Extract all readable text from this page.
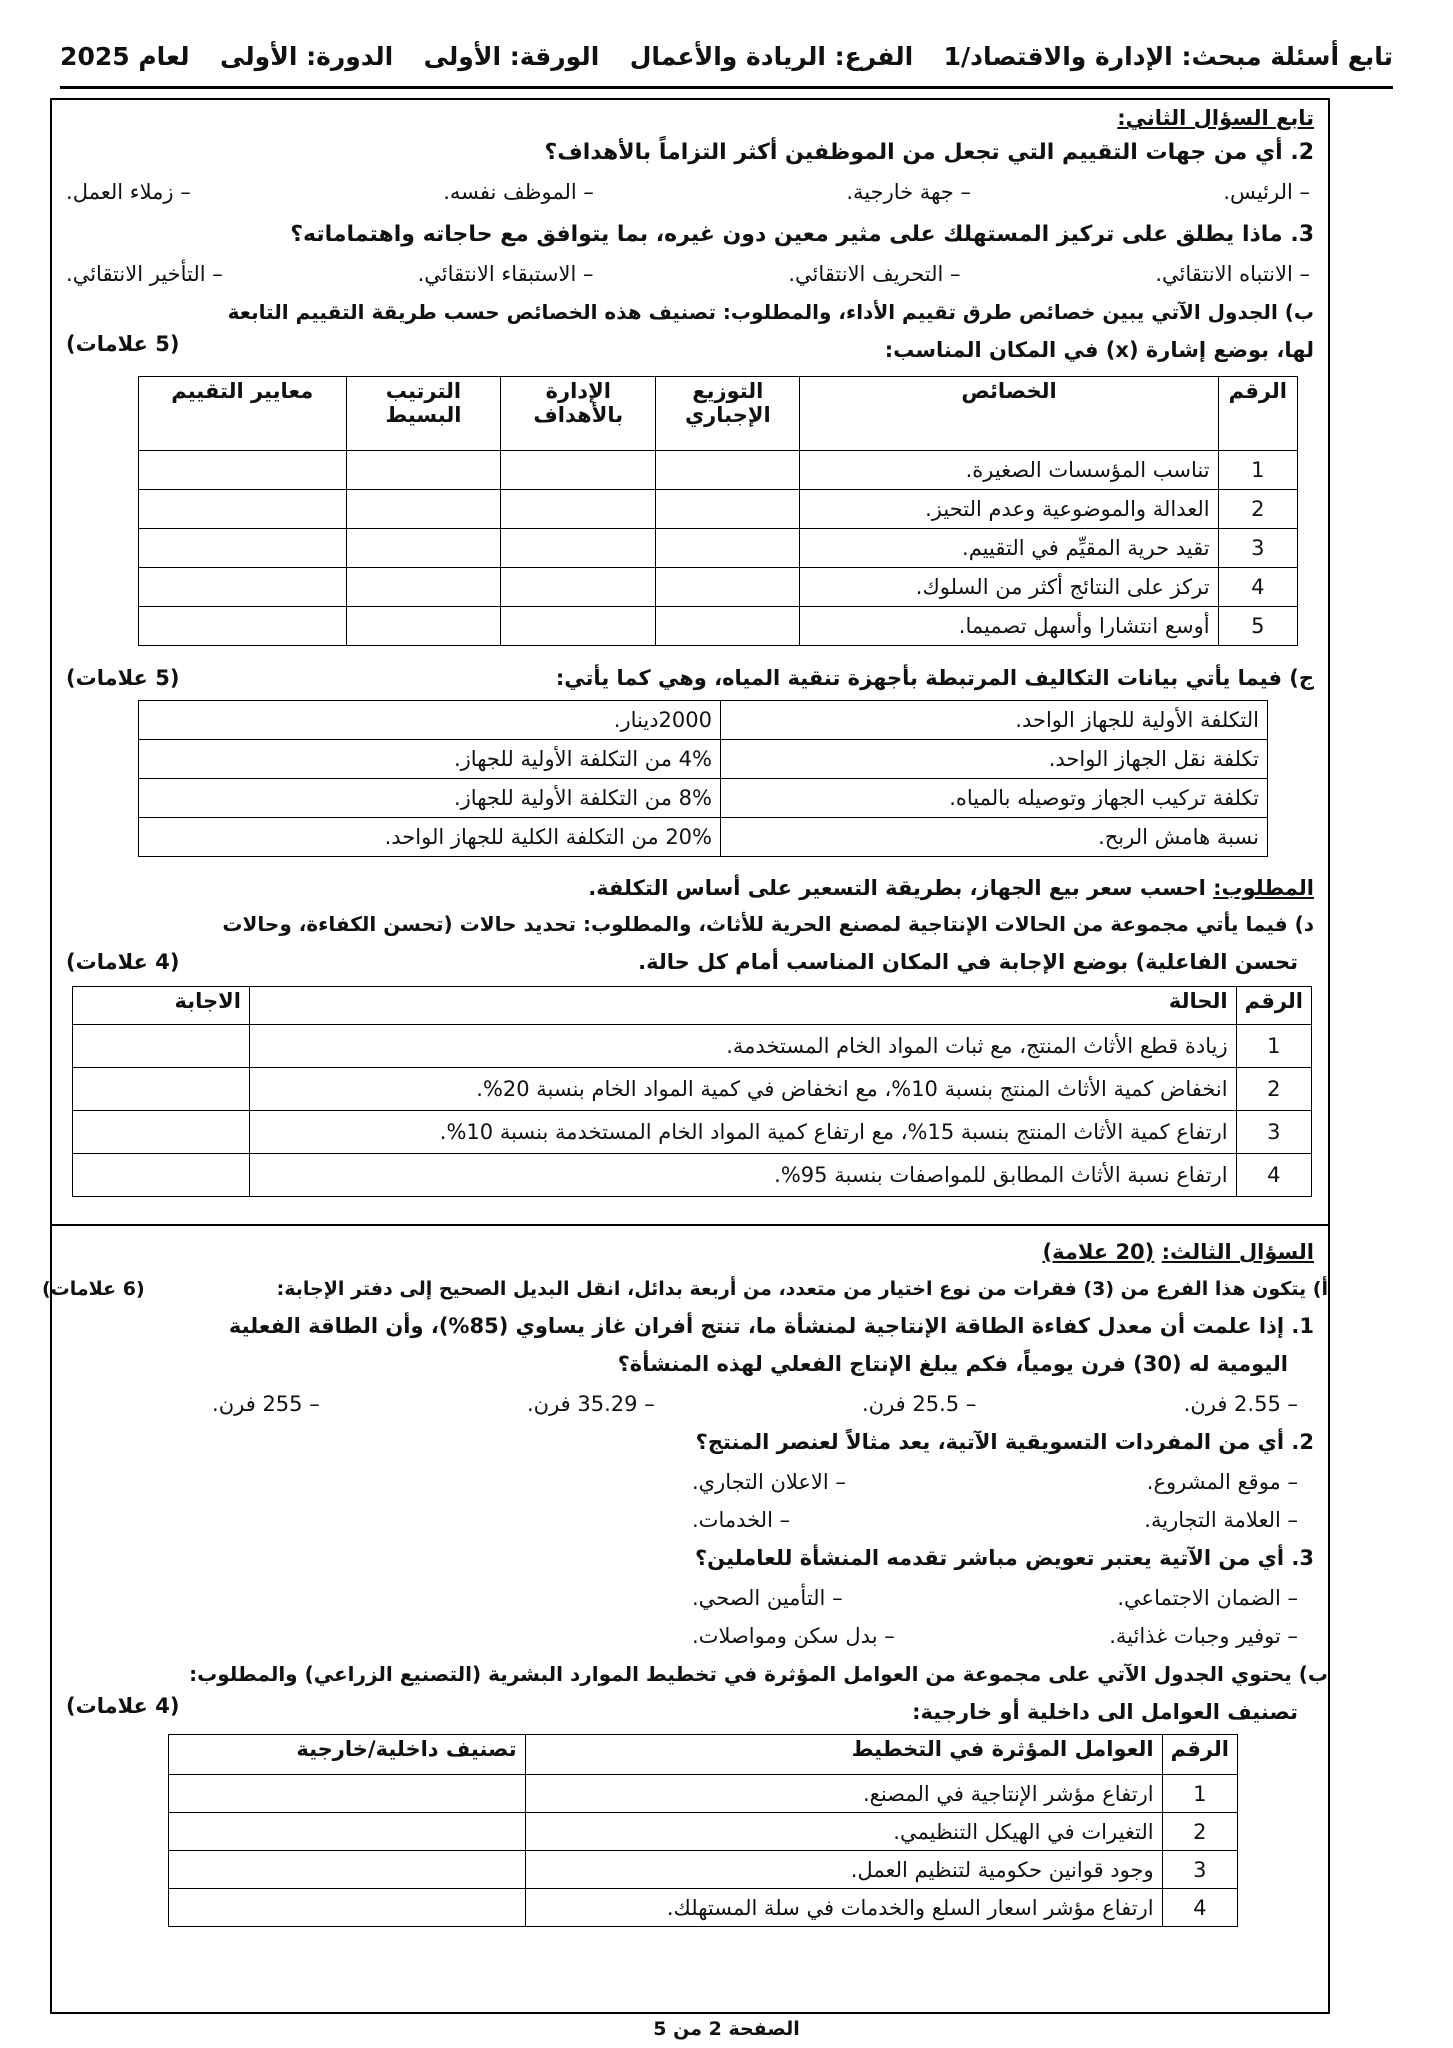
تابع أسئلة مبحث: الإدارة والاقتصاد/1
الفرع: الريادة والأعمال
الورقة: الأولى
الدورة: الأولى
لعام 2025
تابع السؤال الثاني:
2. أي من جهات التقييم التي تجعل من الموظفين أكثر التزاماً بالأهداف؟
– الرئيس.
– جهة خارجية.
– الموظف نفسه.
– زملاء العمل.
3. ماذا يطلق على تركيز المستهلك على مثير معين دون غيره، بما يتوافق مع حاجاته واهتماماته؟
– الانتباه الانتقائي.
– التحريف الانتقائي.
– الاستبقاء الانتقائي.
– التأخير الانتقائي.
ب) الجدول الآتي يبين خصائص طرق تقييم الأداء، والمطلوب: تصنيف هذه الخصائص حسب طريقة التقييم التابعة
لها، بوضع إشارة (x) في المكان المناسب:
(5 علامات)
الرقم	الخصائص	التوزيع الإجباري	الإدارة بالأهداف	الترتيب البسيط	معايير التقييم
1	تناسب المؤسسات الصغيرة.				
2	العدالة والموضوعية وعدم التحيز.				
3	تقيد حرية المقيِّم في التقييم.				
4	تركز على النتائج أكثر من السلوك.				
5	أوسع انتشارا وأسهل تصميما.				
ج) فيما يأتي بيانات التكاليف المرتبطة بأجهزة تنقية المياه، وهي كما يأتي:
(5 علامات)
التكلفة الأولية للجهاز الواحد.	2000دينار.
تكلفة نقل الجهاز الواحد.	4% من التكلفة الأولية للجهاز.
تكلفة تركيب الجهاز وتوصيله بالمياه.	8% من التكلفة الأولية للجهاز.
نسبة هامش الربح.	20% من التكلفة الكلية للجهاز الواحد.
المطلوب: احسب سعر بيع الجهاز، بطريقة التسعير على أساس التكلفة.
د) فيما يأتي مجموعة من الحالات الإنتاجية لمصنع الحرية للأثاث، والمطلوب: تحديد حالات (تحسن الكفاءة، وحالات
تحسن الفاعلية) بوضع الإجابة في المكان المناسب أمام كل حالة.
(4 علامات)
الرقم	الحالة	الاجابة
1	زيادة قطع الأثاث المنتج، مع ثبات المواد الخام المستخدمة.	
2	انخفاض كمية الأثاث المنتج بنسبة 10%، مع انخفاض في كمية المواد الخام بنسبة 20%.	
3	ارتفاع كمية الأثاث المنتج بنسبة 15%، مع ارتفاع كمية المواد الخام المستخدمة بنسبة 10%.	
4	ارتفاع نسبة الأثاث المطابق للمواصفات بنسبة 95%.	
السؤال الثالث: (20 علامة)
أ) يتكون هذا الفرع من (3) فقرات من نوع اختيار من متعدد، من أربعة بدائل، انقل البديل الصحيح إلى دفتر الإجابة:
(6 علامات)
1. إذا علمت أن معدل كفاءة الطاقة الإنتاجية لمنشأة ما، تنتج أفران غاز يساوي (85%)، وأن الطاقة الفعلية
اليومية له (30) فرن يومياً، فكم يبلغ الإنتاج الفعلي لهذه المنشأة؟
– 2.55 فرن.
– 25.5 فرن.
– 35.29 فرن.
– 255 فرن.
2. أي من المفردات التسويقية الآتية، يعد مثالاً لعنصر المنتج؟
– موقع المشروع.
– الاعلان التجاري.
– العلامة التجارية.
– الخدمات.
3. أي من الآتية يعتبر تعويض مباشر تقدمه المنشأة للعاملين؟
– الضمان الاجتماعي.
– التأمين الصحي.
– توفير وجبات غذائية.
– بدل سكن ومواصلات.
ب) يحتوي الجدول الآتي على مجموعة من العوامل المؤثرة في تخطيط الموارد البشرية (التصنيع الزراعي) والمطلوب:
تصنيف العوامل الى داخلية أو خارجية:
(4 علامات)
الرقم	العوامل المؤثرة في التخطيط	تصنيف داخلية/خارجية
1	ارتفاع مؤشر الإنتاجية في المصنع.	
2	التغيرات في الهيكل التنظيمي.	
3	وجود قوانين حكومية لتنظيم العمل.	
4	ارتفاع مؤشر اسعار السلع والخدمات في سلة المستهلك.	
الصفحة 2 من 5
